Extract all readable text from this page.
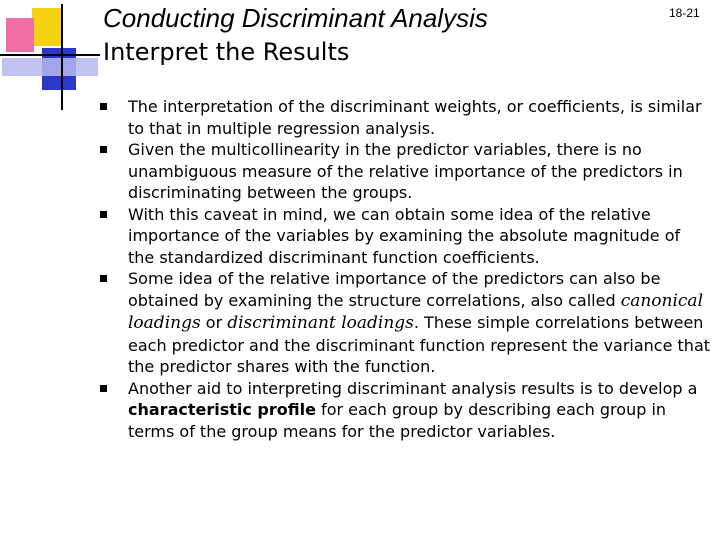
Conducting Discriminant Analysis	18-21
Interpret the Results
The interpretation of the discriminant weights, or coefficients, is similar to that in multiple regression analysis.
Given the multicollinearity in the predictor variables, there is no unambiguous measure of the relative importance of the predictors in discriminating between the groups.
With this caveat in mind, we can obtain some idea of the relative importance of the variables by examining the absolute magnitude of the standardized discriminant function coefficients.
Some idea of the relative importance of the predictors can also be obtained by examining the structure correlations, also called canonical loadings or discriminant loadings. These simple correlations between each predictor and the discriminant function represent the variance that the predictor shares with the function.
Another aid to interpreting discriminant analysis results is to develop a characteristic profile for each group by describing each group in terms of the group means for the predictor variables.
